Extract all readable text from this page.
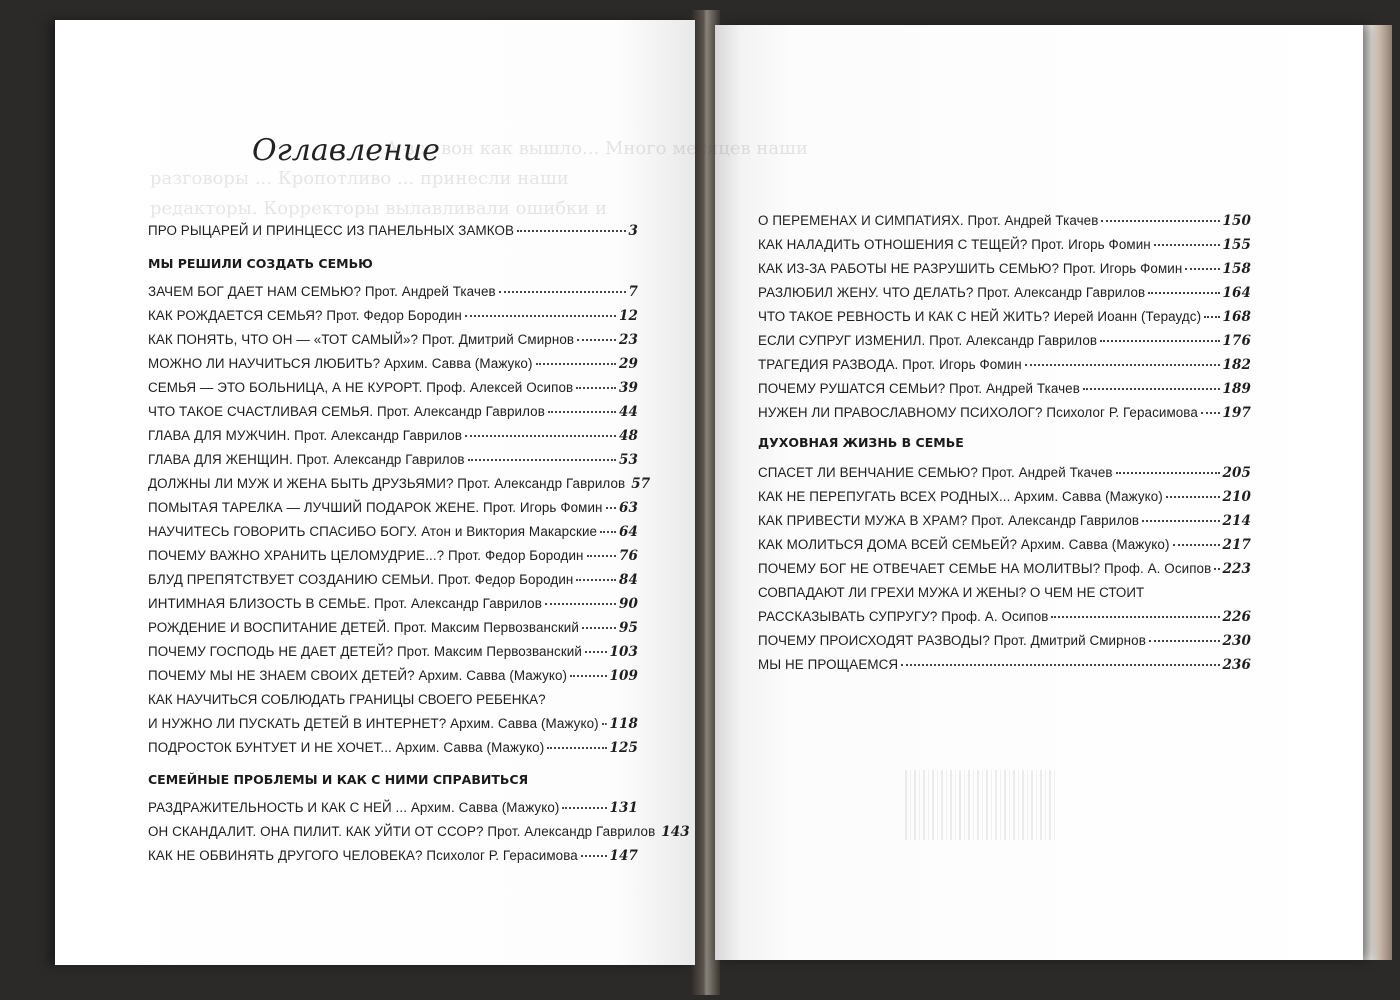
А все вон как вышло... Много месяцев наши
разговоры ... Кропотливо ... принесли наши
редакторы. Корректоры вылавливали ошибки и
Оглавление
ПРО РЫЦАРЕЙ И ПРИНЦЕСС ИЗ ПАНЕЛЬНЫХ ЗАМКОВ	3
МЫ РЕШИЛИ СОЗДАТЬ СЕМЬЮ
ЗАЧЕМ БОГ ДАЕТ НАМ СЕМЬЮ? Прот. Андрей Ткачев	7
КАК РОЖДАЕТСЯ СЕМЬЯ? Прот. Федор Бородин	12
КАК ПОНЯТЬ, ЧТО ОН — «ТОТ САМЫЙ»? Прот. Дмитрий Смирнов	23
МОЖНО ЛИ НАУЧИТЬСЯ ЛЮБИТЬ? Архим. Савва (Мажуко)	29
СЕМЬЯ — ЭТО БОЛЬНИЦА, А НЕ КУРОРТ. Проф. Алексей Осипов	39
ЧТО ТАКОЕ СЧАСТЛИВАЯ СЕМЬЯ. Прот. Александр Гаврилов	44
ГЛАВА ДЛЯ МУЖЧИН. Прот. Александр Гаврилов	48
ГЛАВА ДЛЯ ЖЕНЩИН. Прот. Александр Гаврилов	53
ДОЛЖНЫ ЛИ МУЖ И ЖЕНА БЫТЬ ДРУЗЬЯМИ? Прот. Александр Гаврилов 57
ПОМЫТАЯ ТАРЕЛКА — ЛУЧШИЙ ПОДАРОК ЖЕНЕ. Прот. Игорь Фомин 63
НАУЧИТЕСЬ ГОВОРИТЬ СПАСИБО БОГУ. Атон и Виктория Макарские 64
ПОЧЕМУ ВАЖНО ХРАНИТЬ ЦЕЛОМУДРИЕ...? Прот. Федор Бородин	76
БЛУД ПРЕПЯТСТВУЕТ СОЗДАНИЮ СЕМЬИ. Прот. Федор Бородин	84
ИНТИМНАЯ БЛИЗОСТЬ В СЕМЬЕ. Прот. Александр Гаврилов	90
РОЖДЕНИЕ И ВОСПИТАНИЕ ДЕТЕЙ. Прот. Максим Первозванский	95
ПОЧЕМУ ГОСПОДЬ НЕ ДАЕТ ДЕТЕЙ? Прот. Максим Первозванский 103
ПОЧЕМУ МЫ НЕ ЗНАЕМ СВОИХ ДЕТЕЙ? Архим. Савва (Мажуко)	109
КАК НАУЧИТЬСЯ СОБЛЮДАТЬ ГРАНИЦЫ СВОЕГО РЕБЕНКА?
И НУЖНО ЛИ ПУСКАТЬ ДЕТЕЙ В ИНТЕРНЕТ? Архим. Савва (Мажуко) 118
ПОДРОСТОК БУНТУЕТ И НЕ ХОЧЕТ... Архим. Савва (Мажуко)	125
СЕМЕЙНЫЕ ПРОБЛЕМЫ И КАК С НИМИ СПРАВИТЬСЯ
РАЗДРАЖИТЕЛЬНОСТЬ И КАК С НЕЙ ... Архим. Савва (Мажуко)	131
ОН СКАНДАЛИТ. ОНА ПИЛИТ. КАК УЙТИ ОТ ССОР? Прот. Александр Гаврилов 143
КАК НЕ ОБВИНЯТЬ ДРУГОГО ЧЕЛОВЕКА? Психолог Р. Герасимова 147
О ПЕРЕМЕНАХ И СИМПАТИЯХ. Прот. Андрей Ткачев	150
КАК НАЛАДИТЬ ОТНОШЕНИЯ С ТЕЩЕЙ? Прот. Игорь Фомин	155
КАК ИЗ-ЗА РАБОТЫ НЕ РАЗРУШИТЬ СЕМЬЮ? Прот. Игорь Фомин	158
РАЗЛЮБИЛ ЖЕНУ. ЧТО ДЕЛАТЬ? Прот. Александр Гаврилов	164
ЧТО ТАКОЕ РЕВНОСТЬ И КАК С НЕЙ ЖИТЬ? Иерей Иоанн (Тераудс) 168
ЕСЛИ СУПРУГ ИЗМЕНИЛ. Прот. Александр Гаврилов	176
ТРАГЕДИЯ РАЗВОДА. Прот. Игорь Фомин	182
ПОЧЕМУ РУШАТСЯ СЕМЬИ? Прот. Андрей Ткачев	189
НУЖЕН ЛИ ПРАВОСЛАВНОМУ ПСИХОЛОГ? Психолог Р. Герасимова 197
ДУХОВНАЯ ЖИЗНЬ В СЕМЬЕ
СПАСЕТ ЛИ ВЕНЧАНИЕ СЕМЬЮ? Прот. Андрей Ткачев	205
КАК НЕ ПЕРЕПУГАТЬ ВСЕХ РОДНЫХ... Архим. Савва (Мажуко)	210
КАК ПРИВЕСТИ МУЖА В ХРАМ? Прот. Александр Гаврилов	214
КАК МОЛИТЬСЯ ДОМА ВСЕЙ СЕМЬЕЙ? Архим. Савва (Мажуко)	217
ПОЧЕМУ БОГ НЕ ОТВЕЧАЕТ СЕМЬЕ НА МОЛИТВЫ? Проф. А. Осипов 223
СОВПАДАЮТ ЛИ ГРЕХИ МУЖА И ЖЕНЫ? О ЧЕМ НЕ СТОИТ
РАССКАЗЫВАТЬ СУПРУГУ? Проф. А. Осипов	226
ПОЧЕМУ ПРОИСХОДЯТ РАЗВОДЫ? Прот. Дмитрий Смирнов	230
МЫ НЕ ПРОЩАЕМСЯ	236
